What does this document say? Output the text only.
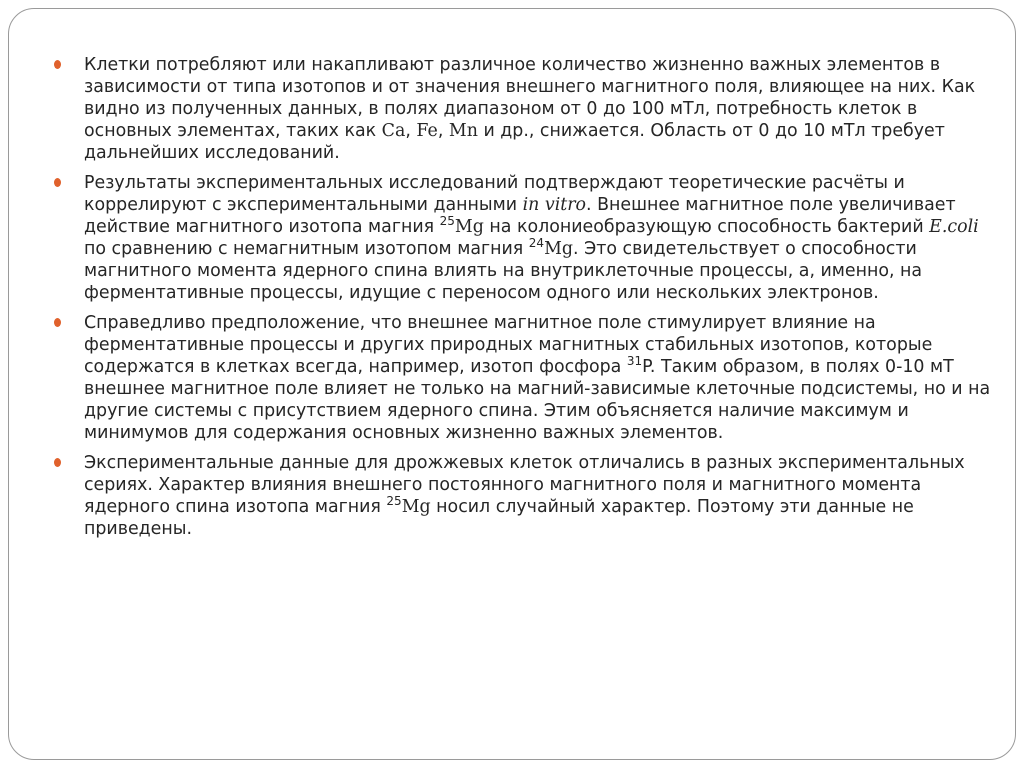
Клетки потребляют или накапливают различное количество жизненно важных элементов в зависимости от типа изотопов и от значения внешнего магнитного поля, влияющее на них. Как видно из полученных данных, в полях диапазоном от 0 до 100 мТл, потребность клеток в основных элементах, таких как Ca, Fe, Mn и др., снижается. Область от 0 до 10 мТл требует дальнейших исследований.
Результаты экспериментальных исследований подтверждают теоретические расчёты и коррелируют с экспериментальными данными in vitro. Внешнее магнитное поле увеличивает действие магнитного изотопа магния $^{25}$Mg на колониеобразующую способность бактерий E.coli по сравнению с немагнитным изотопом магния $^{24}$Mg. Это свидетельствует о способности магнитного момента ядерного спина влиять на внутриклеточные процессы, а, именно, на ферментативные процессы, идущие с переносом одного или нескольких электронов.
Справедливо предположение, что внешнее магнитное поле стимулирует влияние на ферментативные процессы и других природных магнитных стабильных изотопов, которые содержатся в клетках всегда, например, изотоп фосфора $^{31}$P. Таким образом, в полях 0-10 мТ внешнее магнитное поле влияет не только на магний-зависимые клеточные подсистемы, но и на другие системы с присутствием ядерного спина. Этим объясняется наличие максимум и минимумов для содержания основных жизненно важных элементов.
Экспериментальные данные для дрожжевых клеток отличались в разных экспериментальных сериях. Характер влияния внешнего постоянного магнитного поля и магнитного момента ядерного спина изотопа магния $^{25}$Mg носил случайный характер. Поэтому эти данные не приведены.
